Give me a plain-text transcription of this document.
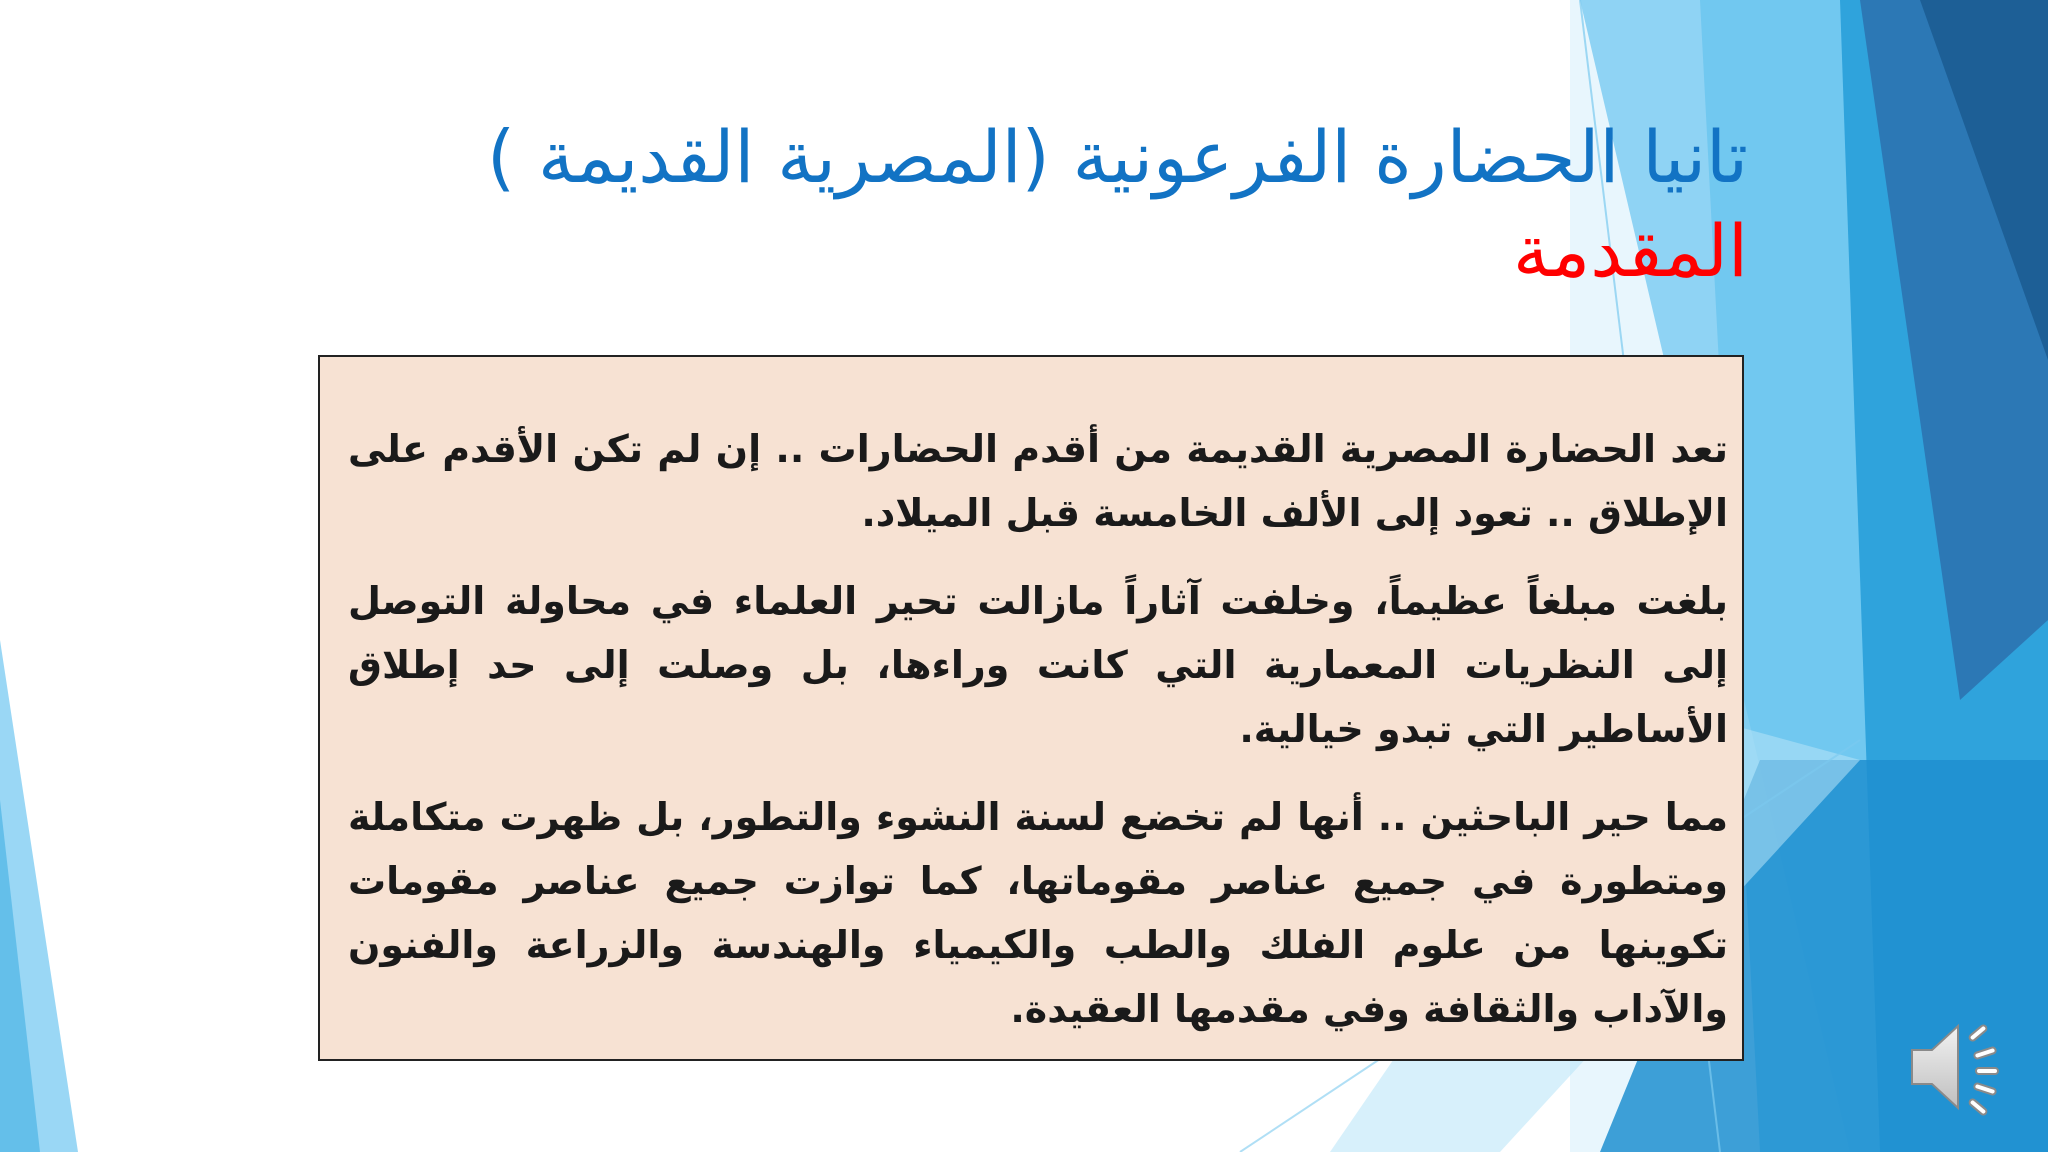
تانيا الحضارة الفرعونية (المصرية القديمة )
المقدمة

تعد الحضارة المصرية القديمة من أقدم الحضارات .. إن لم تكن الأقدم على الإطلاق .. تعود إلى الألف الخامسة قبل الميلاد.

بلغت مبلغاً عظيماً، وخلفت آثاراً مازالت تحير العلماء في محاولة التوصل إلى النظريات المعمارية التي كانت وراءها، بل وصلت إلى حد إطلاق الأساطير التي تبدو خيالية.

مما حير الباحثين .. أنها لم تخضع لسنة النشوء والتطور، بل ظهرت متكاملة ومتطورة في جميع عناصر مقوماتها، كما توازت جميع عناصر مقومات تكوينها من علوم الفلك والطب والكيمياء والهندسة والزراعة والفنون والآداب والثقافة وفي مقدمها العقيدة.
